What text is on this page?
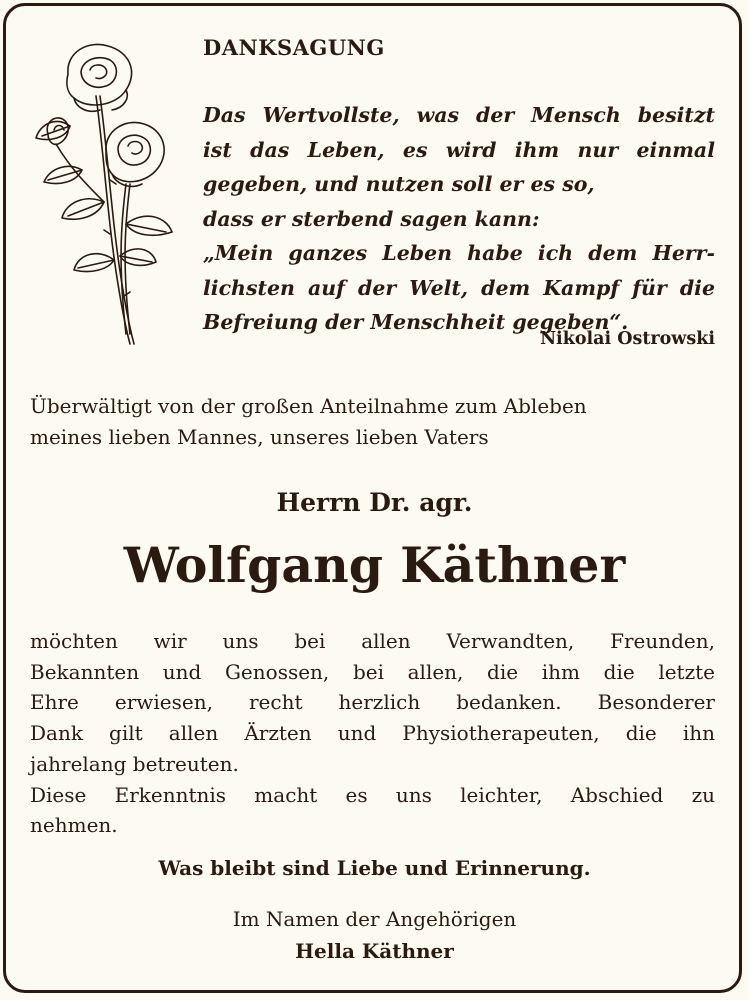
DANKSAGUNG
Das Wertvollste, was der Mensch besitzt
ist das Leben, es wird ihm nur einmal
gegeben, und nutzen soll er es so,
dass er sterbend sagen kann:
„Mein ganzes Leben habe ich dem Herr-
lichsten auf der Welt, dem Kampf für die
Befreiung der Menschheit gegeben“.
Nikolai Ostrowski
Überwältigt von der großen Anteilnahme zum Ableben
meines lieben Mannes, unseres lieben Vaters
Herrn Dr. agr.
Wolfgang Käthner
möchten wir uns bei allen Verwandten, Freunden,
Bekannten und Genossen, bei allen, die ihm die letzte
Ehre erwiesen, recht herzlich bedanken. Besonderer
Dank gilt allen Ärzten und Physiotherapeuten, die ihn
jahrelang betreuten.
Diese Erkenntnis macht es uns leichter, Abschied zu
nehmen.
Was bleibt sind Liebe und Erinnerung.
Im Namen der Angehörigen
Hella Käthner
